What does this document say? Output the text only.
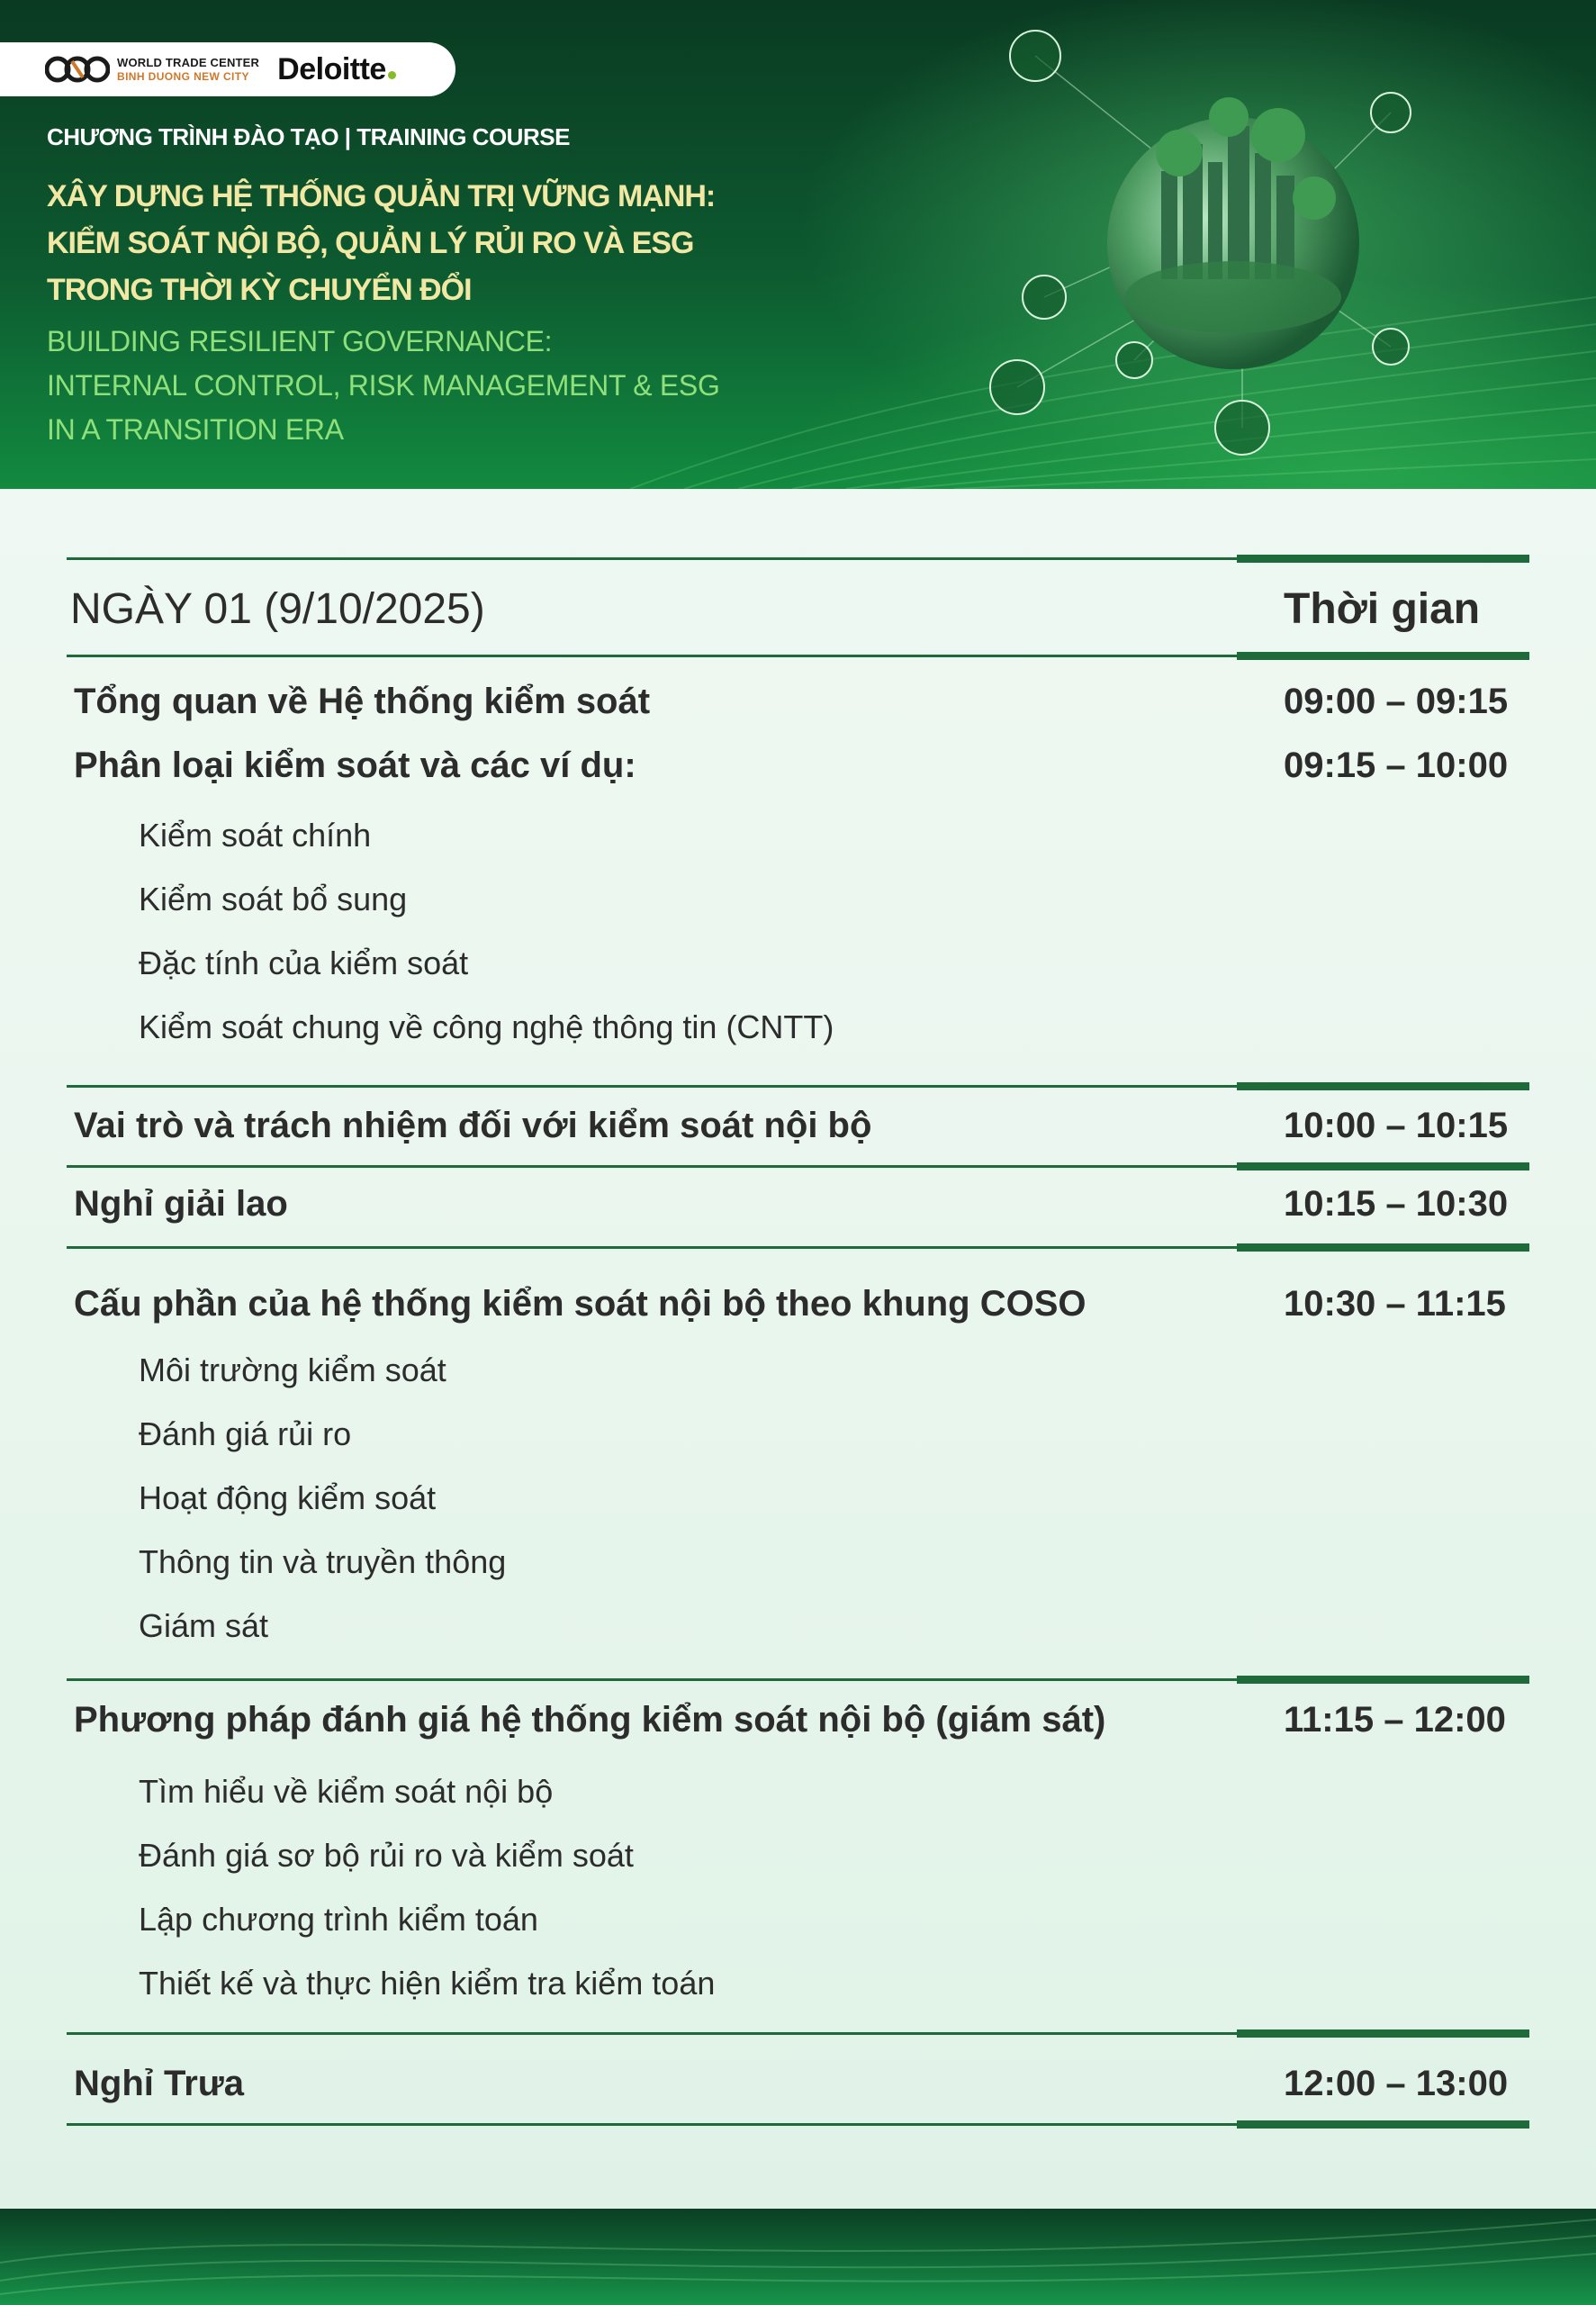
WORLD TRADE CENTER
BINH DUONG NEW CITY Deloitte
CHƯƠNG TRÌNH ĐÀO TẠO | TRAINING COURSE
XÂY DỰNG HỆ THỐNG QUẢN TRỊ VỮNG MẠNH:
KIỂM SOÁT NỘI BỘ, QUẢN LÝ RỦI RO VÀ ESG
TRONG THỜI KỲ CHUYỂN ĐỔI
BUILDING RESILIENT GOVERNANCE:
INTERNAL CONTROL, RISK MANAGEMENT & ESG
IN A TRANSITION ERA
NGÀY 01 (9/10/2025)	Thời gian
Tổng quan về Hệ thống kiểm soát	09:00 – 09:15
Phân loại kiểm soát và các ví dụ:	09:15 – 10:00
Kiểm soát chính
Kiểm soát bổ sung
Đặc tính của kiểm soát
Kiểm soát chung về công nghệ thông tin (CNTT)
Vai trò và trách nhiệm đối với kiểm soát nội bộ	10:00 – 10:15
Nghỉ giải lao	10:15 – 10:30
Cấu phần của hệ thống kiểm soát nội bộ theo khung COSO	10:30 – 11:15
Môi trường kiểm soát
Đánh giá rủi ro
Hoạt động kiểm soát
Thông tin và truyền thông
Giám sát
Phương pháp đánh giá hệ thống kiểm soát nội bộ (giám sát)	11:15 – 12:00
Tìm hiểu về kiểm soát nội bộ
Đánh giá sơ bộ rủi ro và kiểm soát
Lập chương trình kiểm toán
Thiết kế và thực hiện kiểm tra kiểm toán
Nghỉ Trưa	12:00 – 13:00
